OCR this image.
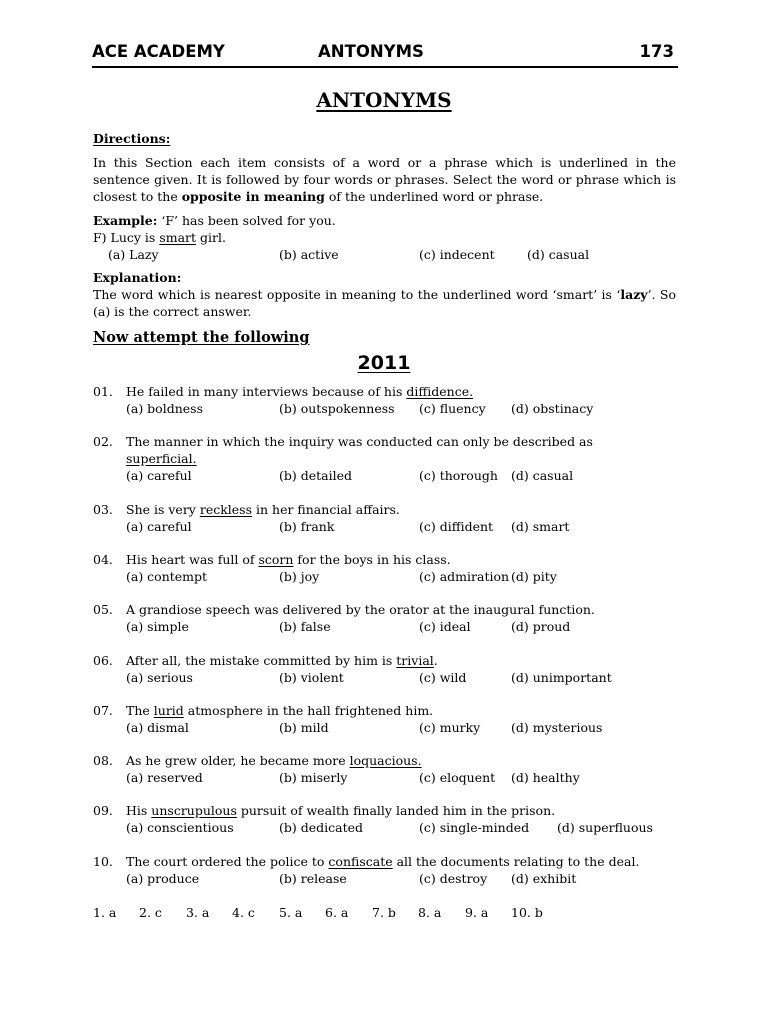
ACE ACADEMY	ANTONYMS	173
ANTONYMS
Directions:
In this Section each item consists of a word or a phrase which is underlined in the sentence given. It is followed by four words or phrases. Select the word or phrase which is closest to the opposite in meaning of the underlined word or phrase.
Example: ‘F’ has been solved for you.
F) Lucy is smart girl.
(a) Lazy	(b) active	(c) indecent	(d) casual
Explanation:
The word which is nearest opposite in meaning to the underlined word ‘smart’ is ‘lazy’. So (a) is the correct answer.
Now attempt the following
2011
01. He failed in many interviews because of his diffidence.
(a) boldness	(b) outspokenness (c) fluency (d) obstinacy
02. The manner in which the inquiry was conducted can only be described as
superficial.
(a) careful	(b) detailed	(c) thorough (d) casual
03. She is very reckless in her financial affairs.
(a) careful	(b) frank	(c) diffident (d) smart
04. His heart was full of scorn for the boys in his class.
(a) contempt	(b) joy	(c) admiration (d) pity
05. A grandiose speech was delivered by the orator at the inaugural function.
(a) simple	(b) false	(c) ideal	(d) proud
06. After all, the mistake committed by him is trivial.
(a) serious	(b) violent	(c) wild	(d) unimportant
07. The lurid atmosphere in the hall frightened him.
(a) dismal	(b) mild	(c) murky (d) mysterious
08. As he grew older, he became more loquacious.
(a) reserved	(b) miserly	(c) eloquent (d) healthy
09. His unscrupulous pursuit of wealth finally landed him in the prison.
(a) conscientious	(b) dedicated	(c) single-minded (d) superfluous
10. The court ordered the police to confiscate all the documents relating to the deal.
(a) produce	(b) release	(c) destroy (d) exhibit
1. a 2. c 3. a 4. c 5. a 6. a 7. b 8. a 9. a 10. b
